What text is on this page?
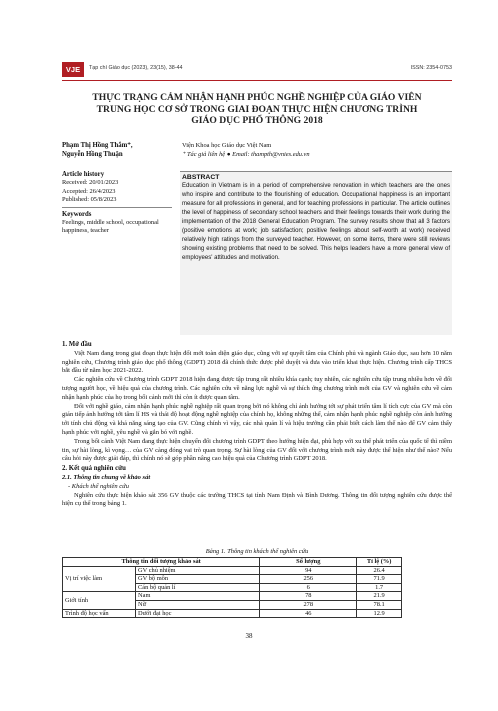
VJE	Tạp chí Giáo dục (2023), 23(15), 38-44	ISSN: 2354-0753
THỰC TRẠNG CẢM NHẬN HẠNH PHÚC NGHỀ NGHIỆP CỦA GIÁO VIÊN
TRUNG HỌC CƠ SỞ TRONG GIAI ĐOẠN THỰC HIỆN CHƯƠNG TRÌNH
GIÁO DỤC PHỔ THÔNG 2018
Phạm Thị Hồng Thắm⁺,
Nguyễn Hồng Thuận
Viện Khoa học Giáo dục Việt Nam
⁺ Tác giả liên hệ ● Email: thampth@vnies.edu.vn
Article history
Received: 20/01/2023
Accepted: 26/4/2023
Published: 05/8/2023
Keywords
Feelings, middle school, occupational happiness, teacher
ABSTRACT
Education in Vietnam is in a period of comprehensive renovation in which teachers are the ones who inspire and contribute to the flourishing of education. Occupational happiness is an important measure for all professions in general, and for teaching professions in particular. The article outlines the level of happiness of secondary school teachers and their feelings towards their work during the implementation of the 2018 General Education Program. The survey results show that all 3 factors (positive emotions at work; job satisfaction; positive feelings about self-worth at work) received relatively high ratings from the surveyed teacher. However, on some items, there were still reviews showing existing problems that need to be solved. This helps leaders have a more general view of employees' attitudes and motivation.
1. Mở đầu

Việt Nam đang trong giai đoạn thực hiện đổi mới toàn diện giáo dục, cũng với sự quyết tâm của Chính phủ và ngành Giáo dục, sau hơn 10 năm nghiên cứu, Chương trình giáo dục phổ thông (GDPT) 2018 đã chính thức được phê duyệt và đưa vào triển khai thực hiện. Chương trình cấp THCS bắt đầu từ năm học 2021-2022.

Các nghiên cứu về Chương trình GDPT 2018 hiện đang được tập trung rất nhiều khía cạnh; tuy nhiên, các nghiên cứu tập trung nhiều hơn về đổi tượng người học, về hiệu quả của chương trình. Các nghiên cứu về năng lực nghề và sự thích ứng chương trình mới của GV và nghiên cứu về cảm nhận hạnh phúc của họ trong bối cảnh mới thì còn ít được quan tâm.

Đối với nghề giáo, cảm nhận hạnh phúc nghề nghiệp rất quan trọng bởi nó không chỉ ảnh hưởng tới sự phát triển tâm lí tích cực của GV mà còn gián tiếp ảnh hưởng tới tâm lí HS và thái độ hoạt động nghề nghiệp của chính họ, không những thế, cảm nhận hạnh phúc nghề nghiệp còn ảnh hưởng tới tính chủ động và khả năng sáng tạo của GV. Cũng chính vì vậy, các nhà quản lí và hiệu trưởng cần phải biết cách làm thế nào để GV cảm thấy hạnh phúc với nghề, yêu nghề và gắn bó với nghề.

Trong bối cảnh Việt Nam đang thực hiện chuyển đổi chương trình GDPT theo hướng hiện đại, phù hợp với xu thế phát triển của quốc tế thì niềm tin, sự hài lòng, kì vọng… của GV càng đóng vai trò quan trọng. Sự hài lòng của GV đối với chương trình mới này được thể hiện như thế nào? Nếu câu hỏi này được giải đáp, thì chính nó sẽ góp phần nâng cao hiệu quả của Chương trình GDPT 2018.

2. Kết quả nghiên cứu
2.1. Thông tin chung về khảo sát
- Khách thể nghiên cứu

Nghiên cứu thực hiện khảo sát 356 GV thuộc các trường THCS tại tỉnh Nam Định và Bình Dương. Thông tin đối tượng nghiên cứu được thể hiện cụ thể trong bảng 1.

Bảng 1. Thông tin khách thể nghiên cứu
Thông tin đối tượng khảo sát		Số lượng	Tỉ lệ (%)
Vị trí việc làm	GV chủ nhiệm	94	26.4
	GV bộ môn	256	71.9
	Cán bộ quản lí	6	1.7
Giới tính	Nam	78	21.9
	Nữ	278	78.1
Trình độ học vấn	Dưới đại học	46	12.9
38
